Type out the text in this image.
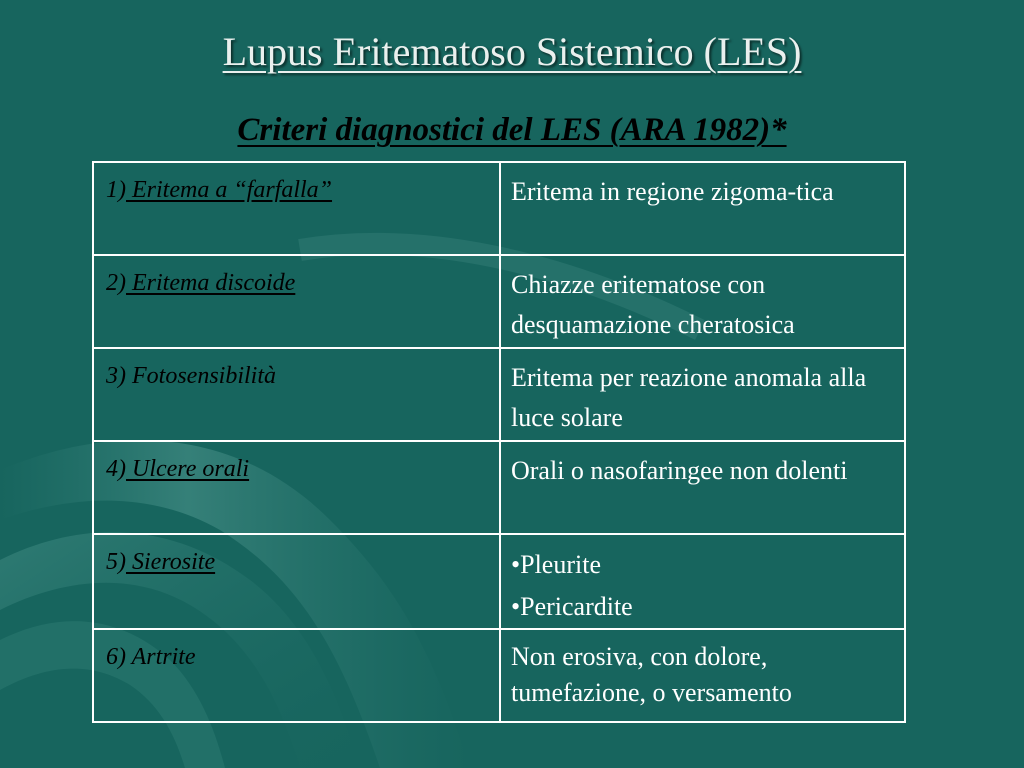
Lupus Eritematoso Sistemico (LES)
Criteri diagnostici del LES (ARA 1982)*
1) Eritema a “farfalla”	Eritema in regione zigoma-tica
2) Eritema discoide	Chiazze eritematose con desquamazione cheratosica
3) Fotosensibilità	Eritema per reazione anomala alla luce solare
4) Ulcere orali	Orali o nasofaringee non dolenti
5) Sierosite	•Pleurite
•Pericardite

6) Artrite	Non erosiva, con dolore, tumefazione, o versamento
